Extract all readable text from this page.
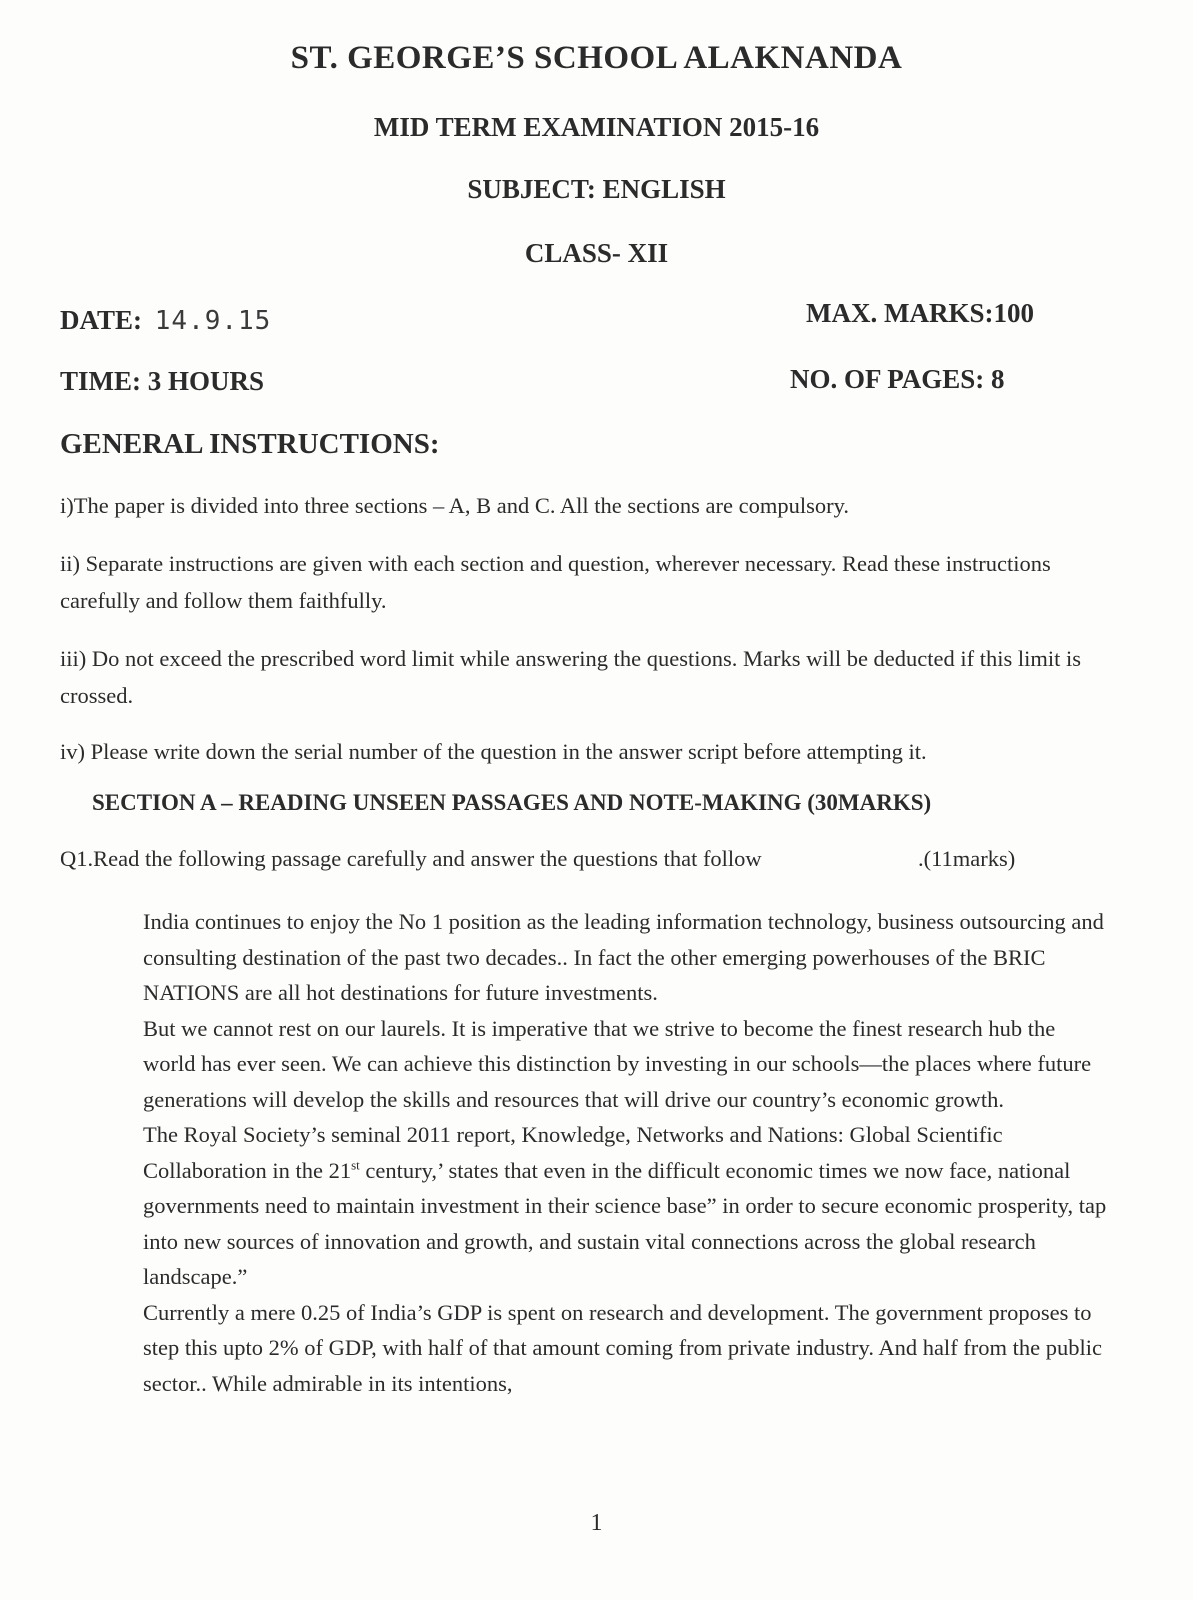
ST. GEORGE’S SCHOOL ALAKNANDA
MID TERM EXAMINATION 2015-16
SUBJECT: ENGLISH
CLASS- XII
DATE: 14.9.15
TIME: 3 HOURS
MAX. MARKS:100
NO. OF PAGES: 8
GENERAL INSTRUCTIONS:
i)The paper is divided into three sections – A, B and C. All the sections are compulsory.
ii) Separate instructions are given with each section and question, wherever necessary. Read these instructions carefully and follow them faithfully.
iii) Do not exceed the prescribed word limit while answering the questions. Marks will be deducted if this limit is crossed.
iv) Please write down the serial number of the question in the answer script before attempting it.
SECTION A – READING UNSEEN PASSAGES AND NOTE-MAKING (30MARKS)
Q1.Read the following passage carefully and answer the questions that follow	.(11marks)

India continues to enjoy the No 1 position as the leading information technology, business outsourcing and consulting destination of the past two decades.. In fact the other emerging powerhouses of the BRIC NATIONS are all hot destinations for future investments.

But we cannot rest on our laurels. It is imperative that we strive to become the finest research hub the world has ever seen. We can achieve this distinction by investing in our schools—the places where future generations will develop the skills and resources that will drive our country’s economic growth.

The Royal Society’s seminal 2011 report, Knowledge, Networks and Nations: Global Scientific Collaboration in the 21st century,’ states that even in the difficult economic times we now face, national governments need to maintain investment in their science base” in order to secure economic prosperity, tap into new sources of innovation and growth, and sustain vital connections across the global research landscape.”

Currently a mere 0.25 of India’s GDP is spent on research and development. The government proposes to step this upto 2% of GDP, with half of that amount coming from private industry. And half from the public sector.. While admirable in its intentions,

1
